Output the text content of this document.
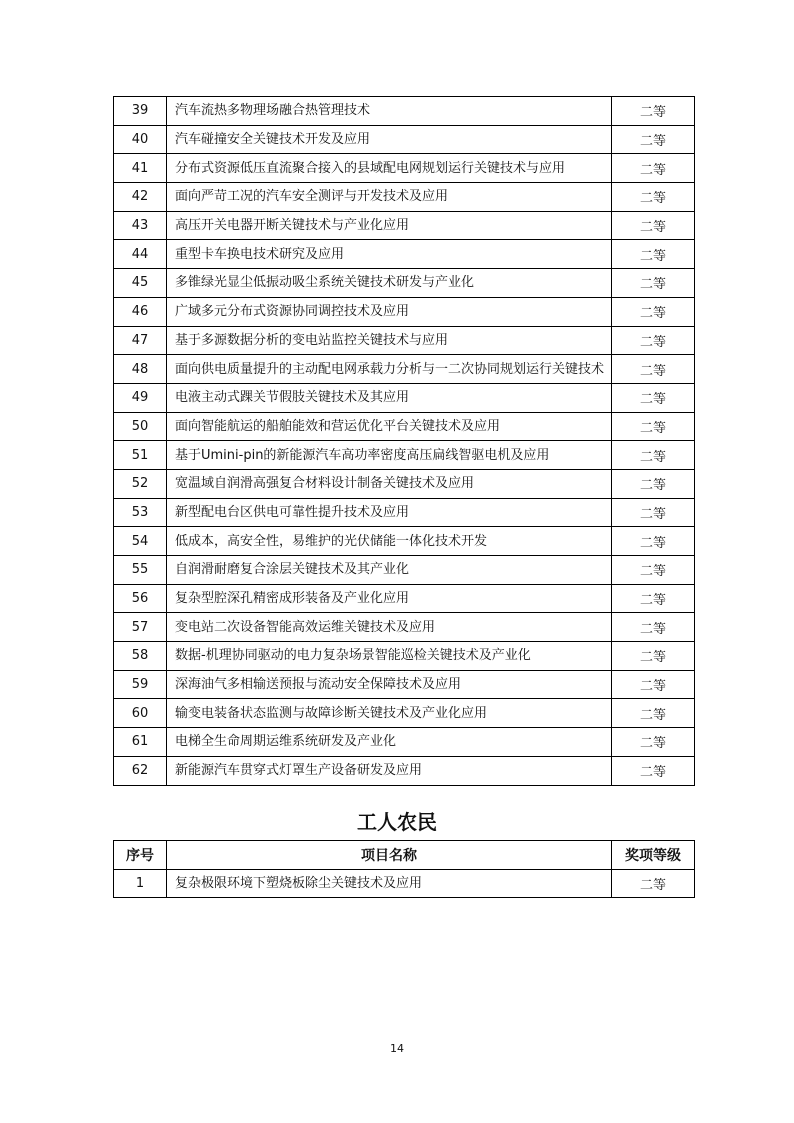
39	汽车流热多物理场融合热管理技术	二等
40	汽车碰撞安全关键技术开发及应用	二等
41	分布式资源低压直流聚合接入的县域配电网规划运行关键技术与应用	二等
42	面向严苛工况的汽车安全测评与开发技术及应用	二等
43	高压开关电器开断关键技术与产业化应用	二等
44	重型卡车换电技术研究及应用	二等
45	多锥绿光显尘低振动吸尘系统关键技术研发与产业化	二等
46	广域多元分布式资源协同调控技术及应用	二等
47	基于多源数据分析的变电站监控关键技术与应用	二等
48	面向供电质量提升的主动配电网承载力分析与一二次协同规划运行关键技术	二等
49	电液主动式踝关节假肢关键技术及其应用	二等
50	面向智能航运的船舶能效和营运优化平台关键技术及应用	二等
51	基于Umini-pin的新能源汽车高功率密度高压扁线智驱电机及应用	二等
52	宽温域自润滑高强复合材料设计制备关键技术及应用	二等
53	新型配电台区供电可靠性提升技术及应用	二等
54	低成本，高安全性，易维护的光伏储能一体化技术开发	二等
55	自润滑耐磨复合涂层关键技术及其产业化	二等
56	复杂型腔深孔精密成形装备及产业化应用	二等
57	变电站二次设备智能高效运维关键技术及应用	二等
58	数据-机理协同驱动的电力复杂场景智能巡检关键技术及产业化	二等
59	深海油气多相输送预报与流动安全保障技术及应用	二等
60	输变电装备状态监测与故障诊断关键技术及产业化应用	二等
61	电梯全生命周期运维系统研发及产业化	二等
62	新能源汽车贯穿式灯罩生产设备研发及应用	二等
工人农民
序号	项目名称	奖项等级
1	复杂极限环境下塑烧板除尘关键技术及应用	二等
14
